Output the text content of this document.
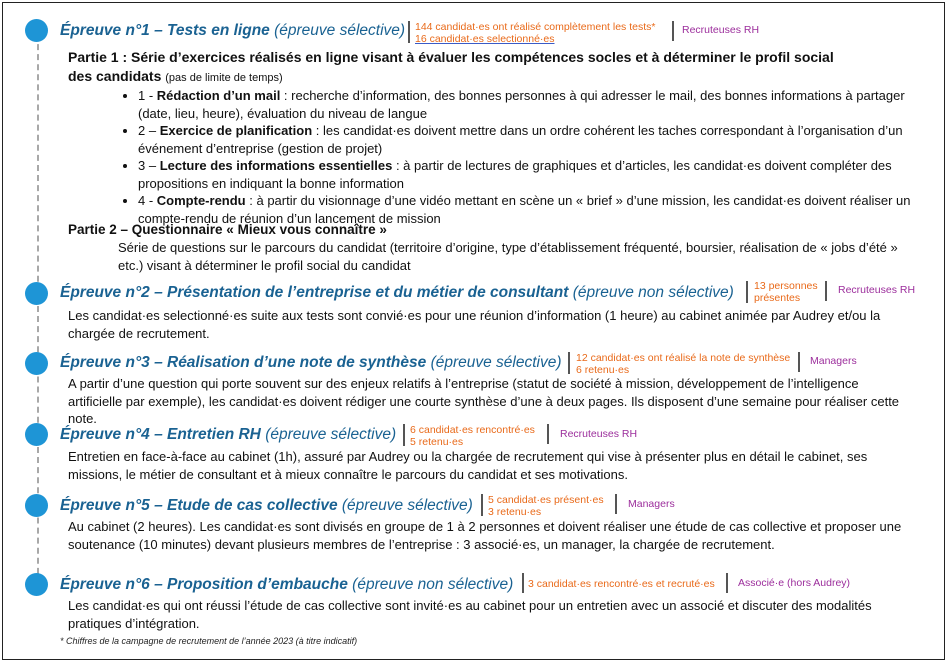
Épreuve n°1 – Tests en ligne (épreuve sélective) 144 candidat·es ont réalisé complètement les tests*
16 candidat·es selectionné·es
Recruteuses RH
Partie 1 : Série d’exercices réalisés en ligne visant à évaluer les compétences socles et à déterminer le profil social
des candidats (pas de limite de temps)
• 1 - Rédaction d’un mail : recherche d’information, des bonnes personnes à qui adresser le mail, des bonnes informations à partager (date, lieu, heure), évaluation du niveau de langue
• 2 – Exercice de planification : les candidat·es doivent mettre dans un ordre cohérent les taches correspondant à l’organisation d’un événement d’entreprise (gestion de projet)
• 3 – Lecture des informations essentielles : à partir de lectures de graphiques et d’articles, les candidat·es doivent compléter des propositions en indiquant la bonne information
• 4 - Compte-rendu : à partir du visionnage d’une vidéo mettant en scène un « brief » d’une mission, les candidat·es doivent réaliser un compte-rendu de réunion d’un lancement de mission
Partie 2 – Questionnaire « Mieux vous connaître »
Série de questions sur le parcours du candidat (territoire d’origine, type d’établissement fréquenté, boursier, réalisation de « jobs d’été »
etc.) visant à déterminer le profil social du candidat
Épreuve n°2 – Présentation de l’entreprise et du métier de consultant (épreuve non sélective) 13 personnes
présentes
Recruteuses RH
Les candidat·es selectionné·es suite aux tests sont convié·es pour une réunion d’information (1 heure) au cabinet animée par Audrey et/ou la
chargée de recrutement.
Épreuve n°3 – Réalisation d’une note de synthèse (épreuve sélective) 12 candidat·es ont réalisé la note de synthèse
6 retenu·es
Managers
A partir d’une question qui porte souvent sur des enjeux relatifs à l’entreprise (statut de société à mission, développement de l’intelligence
artificielle par exemple), les candidat·es doivent rédiger une courte synthèse d’une à deux pages. Ils disposent d’une semaine pour réaliser cette
note.
Épreuve n°4 – Entretien RH (épreuve sélective) 6 candidat·es rencontré·es
5 retenu·es
Recruteuses RH
Entretien en face-à-face au cabinet (1h), assuré par Audrey ou la chargée de recrutement qui vise à présenter plus en détail le cabinet, ses
missions, le métier de consultant et à mieux connaître le parcours du candidat et ses motivations.
Épreuve n°5 – Etude de cas collective (épreuve sélective) 5 candidat·es présent·es
3 retenu·es
Managers
Au cabinet (2 heures). Les candidat·es sont divisés en groupe de 1 à 2 personnes et doivent réaliser une étude de cas collective et proposer une
soutenance (10 minutes) devant plusieurs membres de l’entreprise : 3 associé·es, un manager, la chargée de recrutement.
Épreuve n°6 – Proposition d’embauche (épreuve non sélective) 3 candidat·es rencontré·es et recruté·es Associé·e (hors Audrey)
Les candidat·es qui ont réussi l’étude de cas collective sont invité·es au cabinet pour un entretien avec un associé et discuter des modalités
pratiques d’intégration.
* Chiffres de la campagne de recrutement de l’année 2023 (à titre indicatif)
